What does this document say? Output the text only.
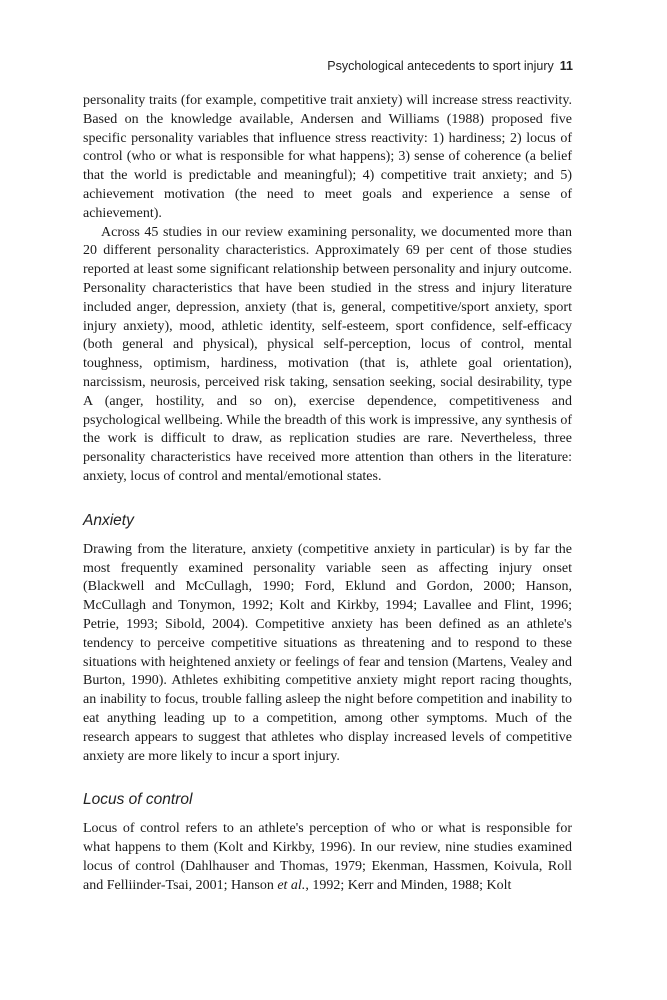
Psychological antecedents to sport injury 11

personality traits (for example, competitive trait anxiety) will increase stress reactivity. Based on the knowledge available, Andersen and Williams (1988) proposed five specific personality variables that influence stress reactivity: 1) hardiness; 2) locus of control (who or what is responsible for what happens); 3) sense of coherence (a belief that the world is predictable and meaningful); 4) competitive trait anxiety; and 5) achievement motivation (the need to meet goals and experience a sense of achievement).

Across 45 studies in our review examining personality, we documented more than 20 different personality characteristics. Approximately 69 per cent of those studies reported at least some significant relationship between personality and injury outcome. Personality characteristics that have been studied in the stress and injury literature included anger, depression, anxiety (that is, general, competitive/sport anxiety, sport injury anxiety), mood, athletic identity, self-esteem, sport confidence, self-efficacy (both general and physical), physical self-perception, locus of control, mental toughness, optimism, hardiness, motivation (that is, athlete goal orientation), narcissism, neurosis, perceived risk taking, sensation seeking, social desirability, type A (anger, hostility, and so on), exercise dependence, competitiveness and psychological wellbeing. While the breadth of this work is impressive, any synthesis of the work is difficult to draw, as replication studies are rare. Nevertheless, three personality characteristics have received more attention than others in the literature: anxiety, locus of control and mental/emotional states.

Anxiety

Drawing from the literature, anxiety (competitive anxiety in particular) is by far the most frequently examined personality variable seen as affecting injury onset (Blackwell and McCullagh, 1990; Ford, Eklund and Gordon, 2000; Hanson, McCullagh and Tonymon, 1992; Kolt and Kirkby, 1994; Lavallee and Flint, 1996; Petrie, 1993; Sibold, 2004). Competitive anxiety has been defined as an athlete's tendency to perceive competitive situations as threatening and to respond to these situations with heightened anxiety or feelings of fear and tension (Martens, Vealey and Burton, 1990). Athletes exhibiting competitive anxiety might report racing thoughts, an inability to focus, trouble falling asleep the night before competition and inability to eat anything leading up to a competition, among other symptoms. Much of the research appears to suggest that athletes who display increased levels of competitive anxiety are more likely to incur a sport injury.

Locus of control

Locus of control refers to an athlete's perception of who or what is responsible for what happens to them (Kolt and Kirkby, 1996). In our review, nine studies examined locus of control (Dahlhauser and Thomas, 1979; Ekenman, Hassmen, Koivula, Roll and Felliinder-Tsai, 2001; Hanson et al., 1992; Kerr and Minden, 1988; Kolt
